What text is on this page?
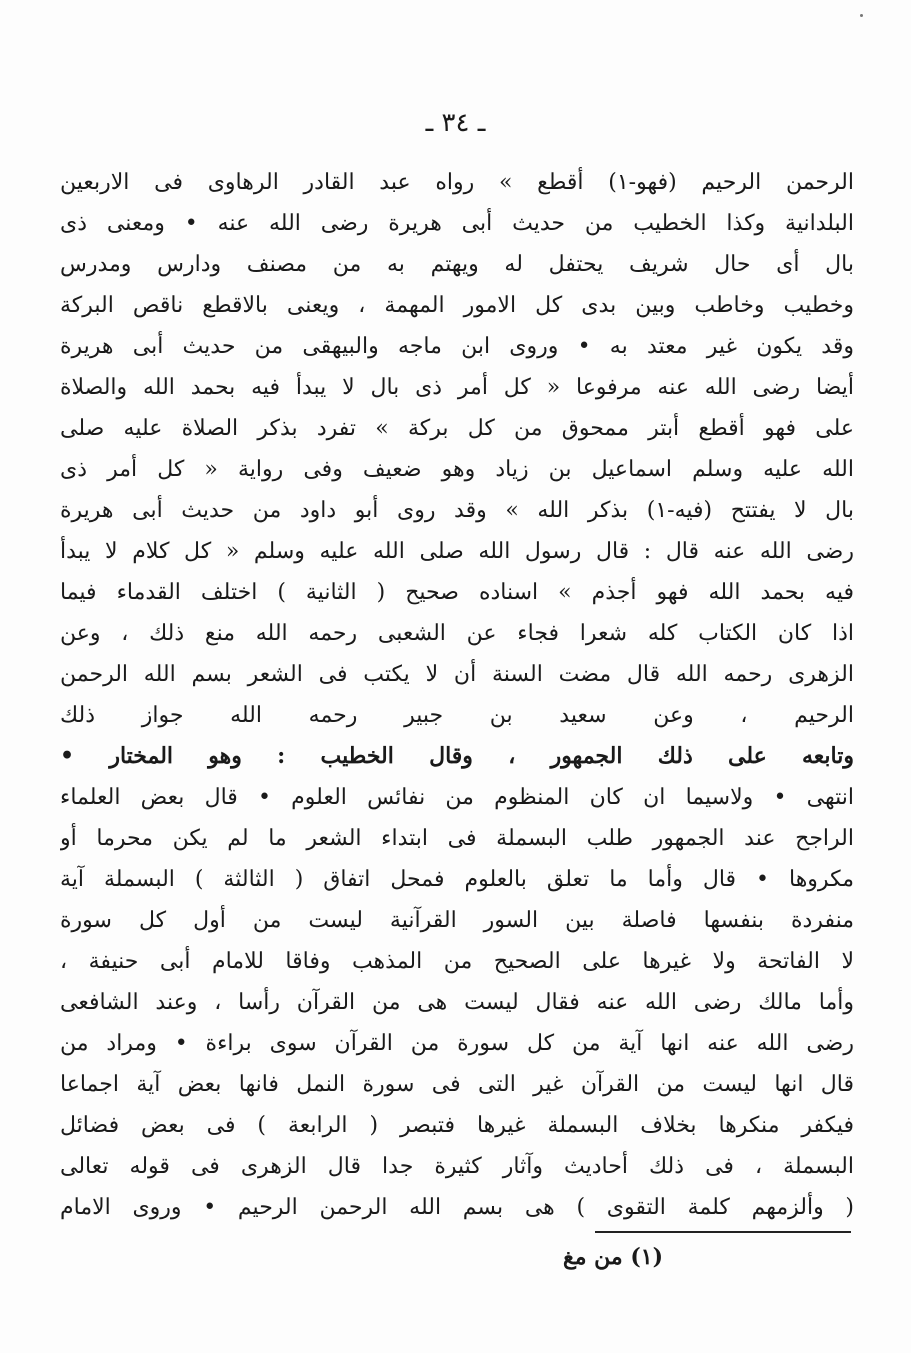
ـ ٣٤ ـ
الرحمن الرحيم (فهو-١) أقطع » رواه عبد القادر الرهاوى فى الاربعين
البلدانية وكذا الخطيب من حديث أبى هريرة رضى الله عنه • ومعنى ذى
بال أى حال شريف يحتفل له ويهتم به من مصنف ودارس ومدرس
وخطيب وخاطب وبين بدى كل الامور المهمة ، ويعنى بالاقطع ناقص البركة
وقد يكون غير معتد به • وروى ابن ماجه والبيهقى من حديث أبى هريرة
أيضا رضى الله عنه مرفوعا « كل أمر ذى بال لا يبدأ فيه بحمد الله والصلاة
على فهو أقطع أبتر ممحوق من كل بركة » تفرد بذكر الصلاة عليه صلى
الله عليه وسلم اسماعيل بن زياد وهو ضعيف وفى رواية « كل أمر ذى
بال لا يفتتح (فيه-١) بذكر الله » وقد روى أبو داود من حديث أبى هريرة
رضى الله عنه قال : قال رسول الله صلى الله عليه وسلم « كل كلام لا يبدأ
فيه بحمد الله فهو أجذم » اسناده صحيح ( الثانية ) اختلف القدماء فيما
اذا كان الكتاب كله شعرا فجاء عن الشعبى رحمه الله منع ذلك ، وعن
الزهرى رحمه الله قال مضت السنة أن لا يكتب فى الشعر بسم الله الرحمن
الرحيم ، وعن سعيد بن جبير رحمه الله جواز ذلك
وتابعه على ذلك الجمهور ، وقال الخطيب : وهو المختار •
انتهى • ولاسيما ان كان المنظوم من نفائس العلوم • قال بعض العلماء
الراجح عند الجمهور طلب البسملة فى ابتداء الشعر ما لم يكن محرما أو
مكروها • قال وأما ما تعلق بالعلوم فمحل اتفاق ( الثالثة ) البسملة آية
منفردة بنفسها فاصلة بين السور القرآنية ليست من أول كل سورة
لا الفاتحة ولا غيرها على الصحيح من المذهب وفاقا للامام أبى حنيفة ،
وأما مالك رضى الله عنه فقال ليست هى من القرآن رأسا ، وعند الشافعى
رضى الله عنه انها آية من كل سورة من القرآن سوى براءة • ومراد من
قال انها ليست من القرآن غير التى فى سورة النمل فانها بعض آية اجماعا
فيكفر منكرها بخلاف البسملة غيرها فتبصر ( الرابعة ) فى بعض فضائل
البسملة ، فى ذلك أحاديث وآثار كثيرة جدا قال الزهرى فى قوله تعالى
( وألزمهم كلمة التقوى ) هى بسم الله الرحمن الرحيم • وروى الامام
(١) من مغ
